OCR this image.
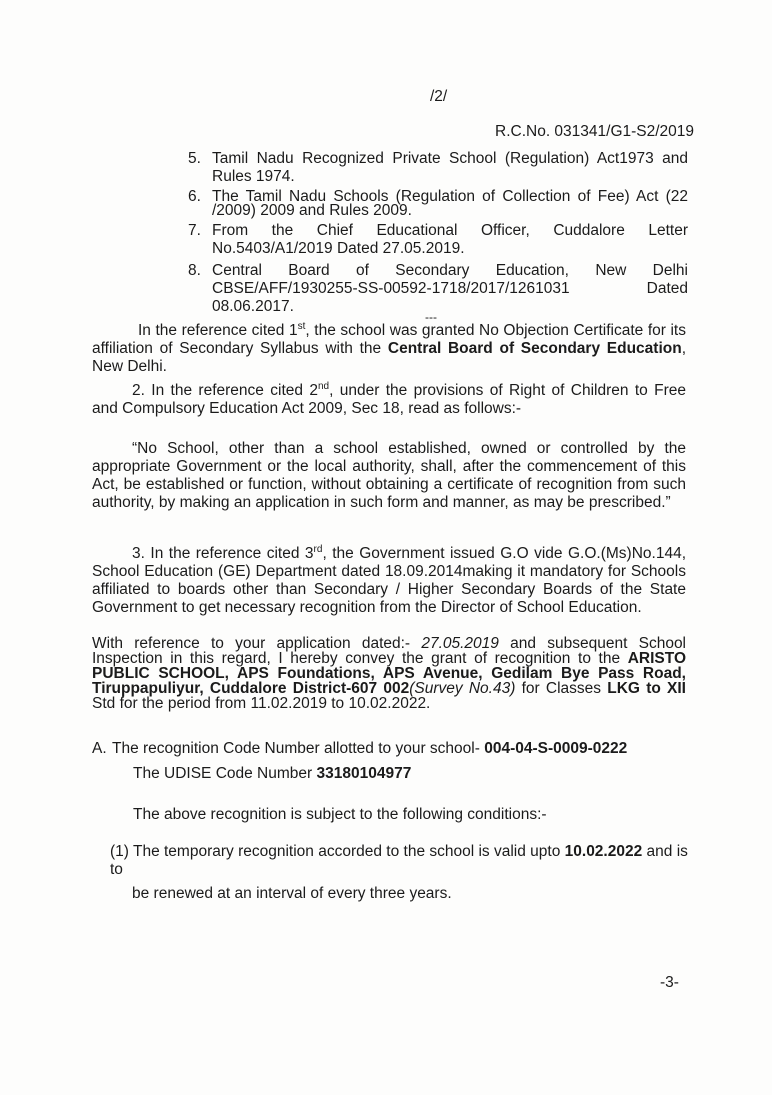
/2/
R.C.No. 031341/G1-S2/2019
5. Tamil Nadu Recognized Private School (Regulation) Act1973 and Rules 1974.
6. The Tamil Nadu Schools (Regulation of Collection of Fee) Act (22 /2009) 2009 and Rules 2009.
7. From the Chief Educational Officer, Cuddalore Letter No.5403/A1/2019 Dated 27.05.2019.
8. Central Board of Secondary Education, New Delhi CBSE/AFF/1930255-SS-00592-1718/2017/1261031 Dated 08.06.2017.
---
In the reference cited 1st, the school was granted No Objection Certificate for its affiliation of Secondary Syllabus with the Central Board of Secondary Education, New Delhi.
2. In the reference cited 2nd, under the provisions of Right of Children to Free and Compulsory Education Act 2009, Sec 18, read as follows:-
“No School, other than a school established, owned or controlled by the appropriate Government or the local authority, shall, after the commencement of this Act, be established or function, without obtaining a certificate of recognition from such authority, by making an application in such form and manner, as may be prescribed.”
3. In the reference cited 3rd, the Government issued G.O vide G.O.(Ms)No.144, School Education (GE) Department dated 18.09.2014making it mandatory for Schools affiliated to boards other than Secondary / Higher Secondary Boards of the State Government to get necessary recognition from the Director of School Education.
With reference to your application dated:- 27.05.2019 and subsequent School Inspection in this regard, I hereby convey the grant of recognition to the ARISTO PUBLIC SCHOOL, APS Foundations, APS Avenue, Gedilam Bye Pass Road, Tiruppapuliyur, Cuddalore District-607 002(Survey No.43) for Classes LKG to XII Std for the period from 11.02.2019 to 10.02.2022.
A. The recognition Code Number allotted to your school- 004-04-S-0009-0222
The UDISE Code Number 33180104977
The above recognition is subject to the following conditions:-
(1) The temporary recognition accorded to the school is valid upto 10.02.2022 and is to
be renewed at an interval of every three years.
-3-
